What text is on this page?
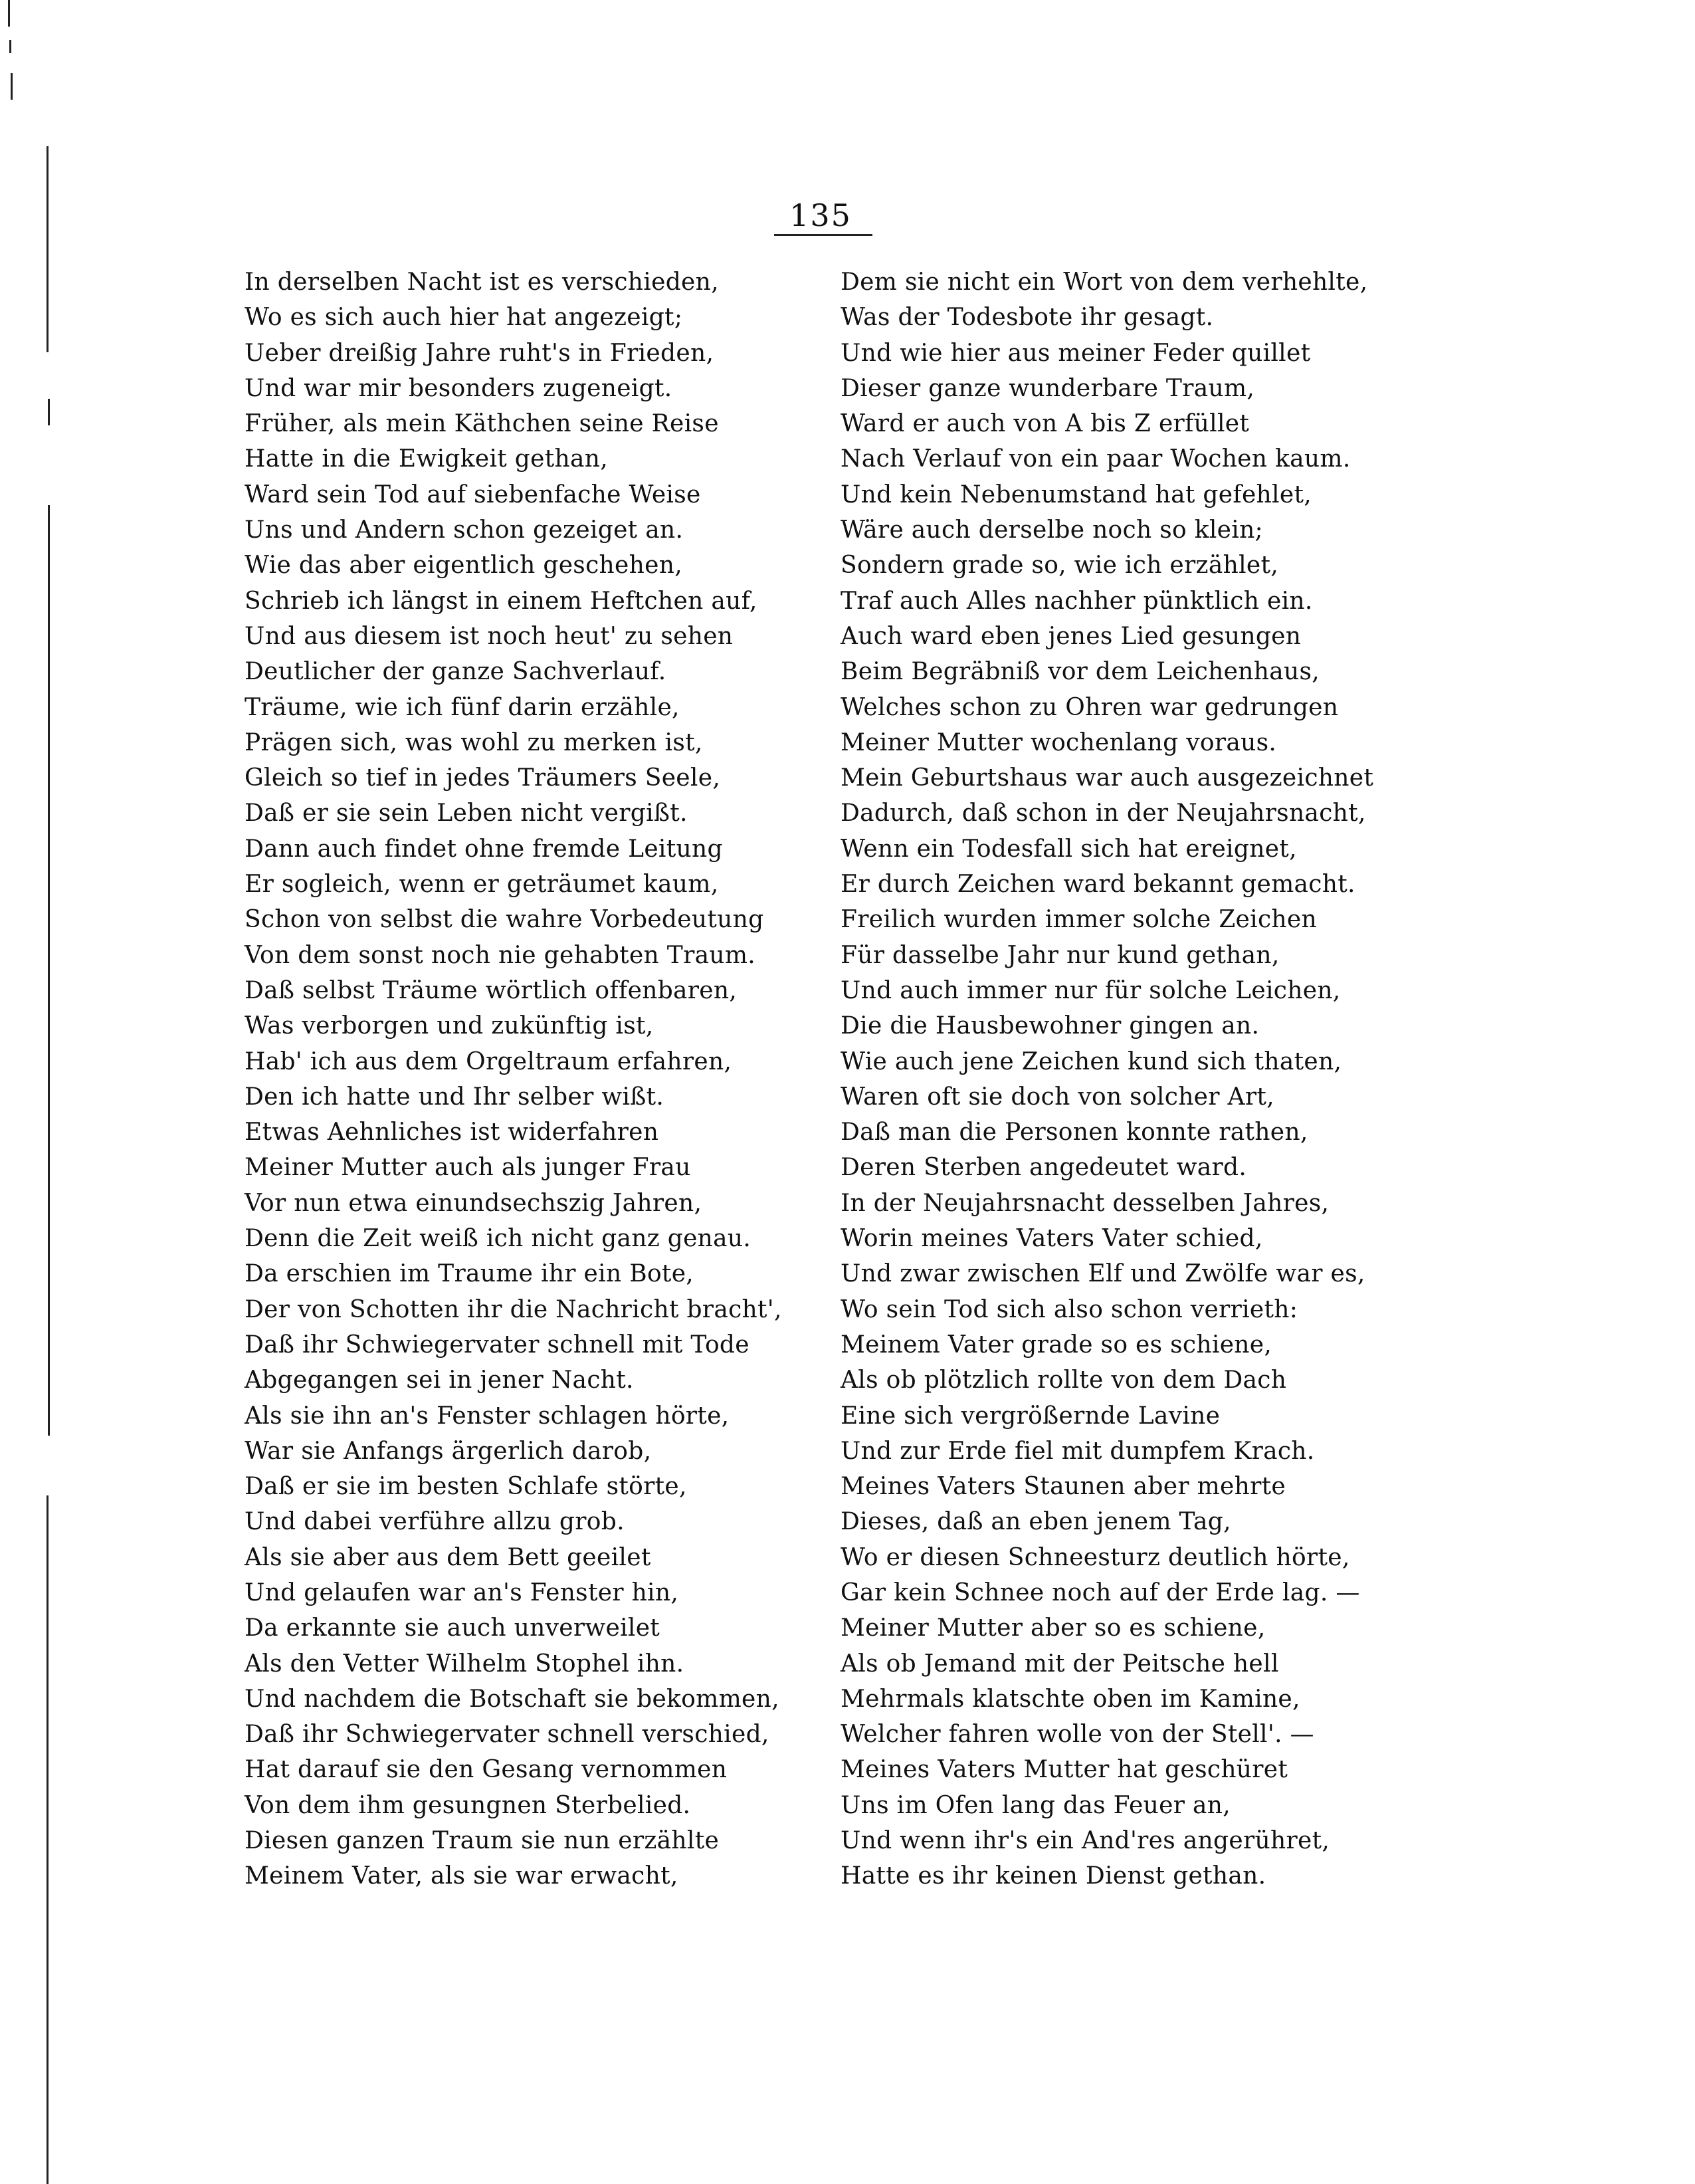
135
In derselben Nacht ist es verschieden,
Wo es sich auch hier hat angezeigt;
Ueber dreißig Jahre ruht's in Frieden,
Und war mir besonders zugeneigt.
Früher, als mein Käthchen seine Reise
Hatte in die Ewigkeit gethan,
Ward sein Tod auf siebenfache Weise
Uns und Andern schon gezeiget an.
Wie das aber eigentlich geschehen,
Schrieb ich längst in einem Heftchen auf,
Und aus diesem ist noch heut' zu sehen
Deutlicher der ganze Sachverlauf.
Träume, wie ich fünf darin erzähle,
Prägen sich, was wohl zu merken ist,
Gleich so tief in jedes Träumers Seele,
Daß er sie sein Leben nicht vergißt.
Dann auch findet ohne fremde Leitung
Er sogleich, wenn er geträumet kaum,
Schon von selbst die wahre Vorbedeutung
Von dem sonst noch nie gehabten Traum.
Daß selbst Träume wörtlich offenbaren,
Was verborgen und zukünftig ist,
Hab' ich aus dem Orgeltraum erfahren,
Den ich hatte und Ihr selber wißt.
Etwas Aehnliches ist widerfahren
Meiner Mutter auch als junger Frau
Vor nun etwa einundsechszig Jahren,
Denn die Zeit weiß ich nicht ganz genau.
Da erschien im Traume ihr ein Bote,
Der von Schotten ihr die Nachricht bracht',
Daß ihr Schwiegervater schnell mit Tode
Abgegangen sei in jener Nacht.
Als sie ihn an's Fenster schlagen hörte,
War sie Anfangs ärgerlich darob,
Daß er sie im besten Schlafe störte,
Und dabei verführe allzu grob.
Als sie aber aus dem Bett geeilet
Und gelaufen war an's Fenster hin,
Da erkannte sie auch unverweilet
Als den Vetter Wilhelm Stophel ihn.
Und nachdem die Botschaft sie bekommen,
Daß ihr Schwiegervater schnell verschied,
Hat darauf sie den Gesang vernommen
Von dem ihm gesungnen Sterbelied.
Diesen ganzen Traum sie nun erzählte
Meinem Vater, als sie war erwacht,
Dem sie nicht ein Wort von dem verhehlte,
Was der Todesbote ihr gesagt.
Und wie hier aus meiner Feder quillet
Dieser ganze wunderbare Traum,
Ward er auch von A bis Z erfüllet
Nach Verlauf von ein paar Wochen kaum.
Und kein Nebenumstand hat gefehlet,
Wäre auch derselbe noch so klein;
Sondern grade so, wie ich erzählet,
Traf auch Alles nachher pünktlich ein.
Auch ward eben jenes Lied gesungen
Beim Begräbniß vor dem Leichenhaus,
Welches schon zu Ohren war gedrungen
Meiner Mutter wochenlang voraus.
Mein Geburtshaus war auch ausgezeichnet
Dadurch, daß schon in der Neujahrsnacht,
Wenn ein Todesfall sich hat ereignet,
Er durch Zeichen ward bekannt gemacht.
Freilich wurden immer solche Zeichen
Für dasselbe Jahr nur kund gethan,
Und auch immer nur für solche Leichen,
Die die Hausbewohner gingen an.
Wie auch jene Zeichen kund sich thaten,
Waren oft sie doch von solcher Art,
Daß man die Personen konnte rathen,
Deren Sterben angedeutet ward.
In der Neujahrsnacht desselben Jahres,
Worin meines Vaters Vater schied,
Und zwar zwischen Elf und Zwölfe war es,
Wo sein Tod sich also schon verrieth:
Meinem Vater grade so es schiene,
Als ob plötzlich rollte von dem Dach
Eine sich vergrößernde Lavine
Und zur Erde fiel mit dumpfem Krach.
Meines Vaters Staunen aber mehrte
Dieses, daß an eben jenem Tag,
Wo er diesen Schneesturz deutlich hörte,
Gar kein Schnee noch auf der Erde lag. —
Meiner Mutter aber so es schiene,
Als ob Jemand mit der Peitsche hell
Mehrmals klatschte oben im Kamine,
Welcher fahren wolle von der Stell'. —
Meines Vaters Mutter hat geschüret
Uns im Ofen lang das Feuer an,
Und wenn ihr's ein And'res angerühret,
Hatte es ihr keinen Dienst gethan.
